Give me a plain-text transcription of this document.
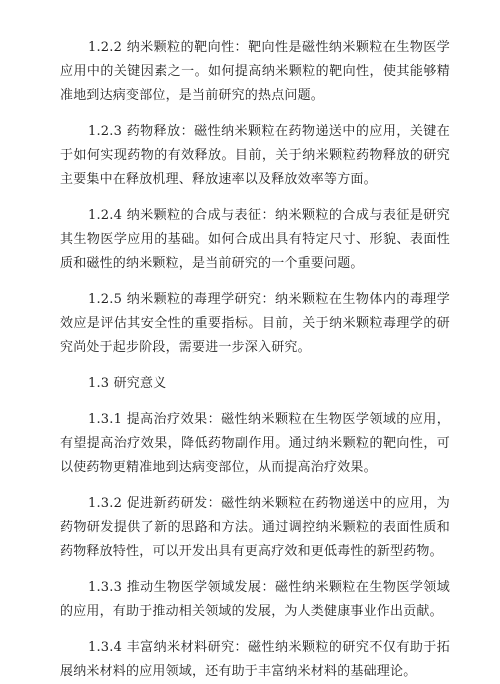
1.2.2 纳米颗粒的靶向性：靶向性是磁性纳米颗粒在生物医学应用中的关键因素之一。如何提高纳米颗粒的靶向性，使其能够精准地到达病变部位，是当前研究的热点问题。

1.2.3 药物释放：磁性纳米颗粒在药物递送中的应用，关键在于如何实现药物的有效释放。目前，关于纳米颗粒药物释放的研究主要集中在释放机理、释放速率以及释放效率等方面。

1.2.4 纳米颗粒的合成与表征：纳米颗粒的合成与表征是研究其生物医学应用的基础。如何合成出具有特定尺寸、形貌、表面性质和磁性的纳米颗粒，是当前研究的一个重要问题。

1.2.5 纳米颗粒的毒理学研究：纳米颗粒在生物体内的毒理学效应是评估其安全性的重要指标。目前，关于纳米颗粒毒理学的研究尚处于起步阶段，需要进一步深入研究。

1.3 研究意义

1.3.1 提高治疗效果：磁性纳米颗粒在生物医学领域的应用，有望提高治疗效果，降低药物副作用。通过纳米颗粒的靶向性，可以使药物更精准地到达病变部位，从而提高治疗效果。

1.3.2 促进新药研发：磁性纳米颗粒在药物递送中的应用，为药物研发提供了新的思路和方法。通过调控纳米颗粒的表面性质和药物释放特性，可以开发出具有更高疗效和更低毒性的新型药物。

1.3.3 推动生物医学领域发展：磁性纳米颗粒在生物医学领域的应用，有助于推动相关领域的发展，为人类健康事业作出贡献。

1.3.4 丰富纳米材料研究：磁性纳米颗粒的研究不仅有助于拓展纳米材料的应用领域，还有助于丰富纳米材料的基础理论。
